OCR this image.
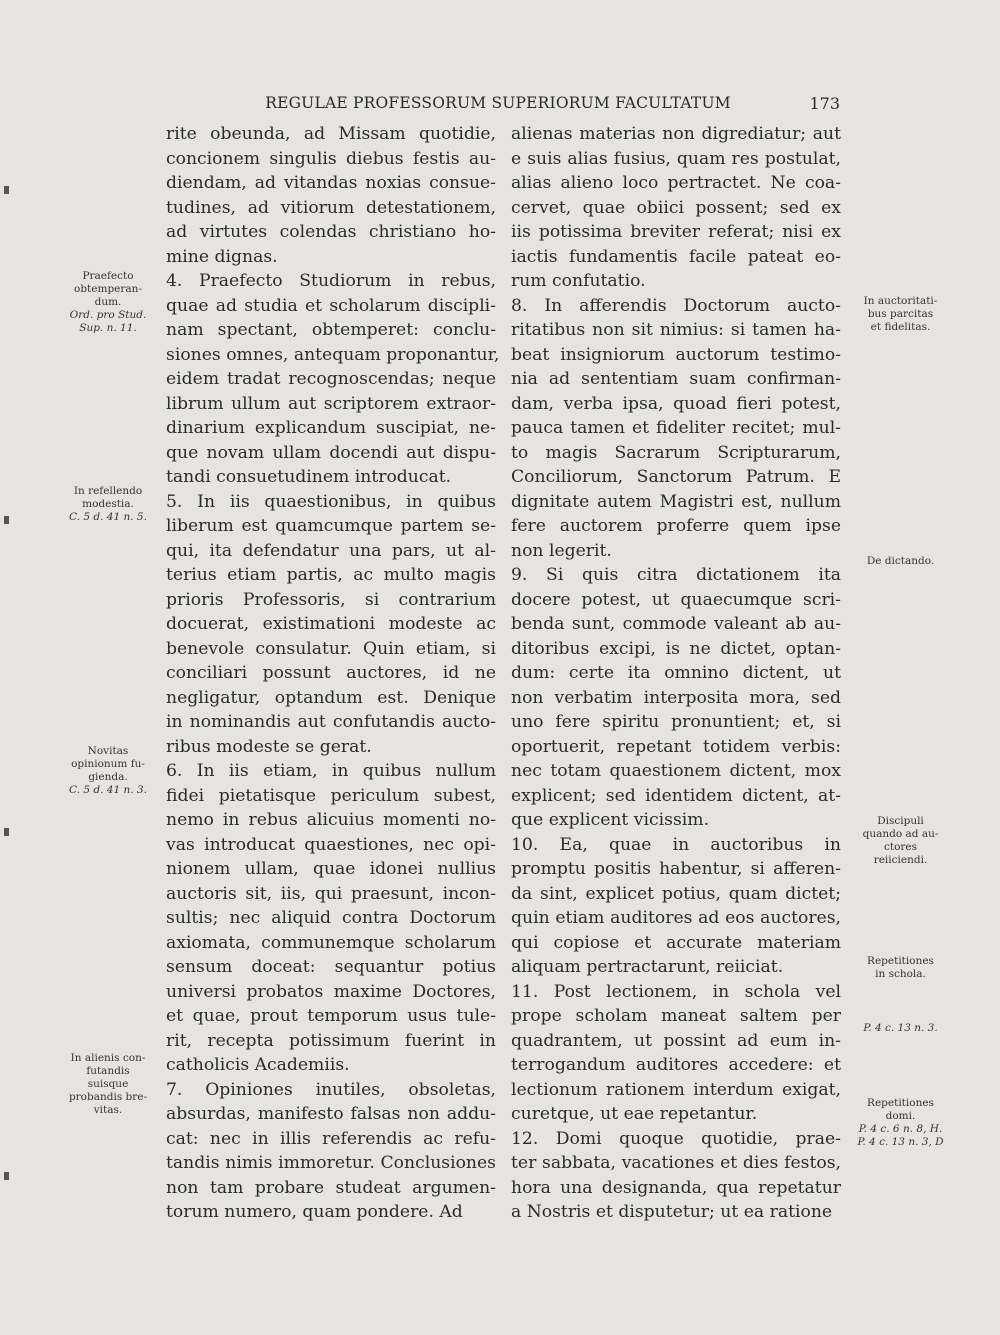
REGULAE PROFESSORUM SUPERIORUM FACULTATUM	173
rite obeunda, ad Missam quotidie,
concionem singulis diebus festis au-
diendam, ad vitandas noxias consue-
tudines, ad vitiorum detestationem,
ad virtutes colendas christiano ho-
mine dignas.
4. Praefecto Studiorum in rebus,
quae ad studia et scholarum discipli-
nam spectant, obtemperet: conclu-
siones omnes, antequam proponantur,
eidem tradat recognoscendas; neque
librum ullum aut scriptorem extraor-
dinarium explicandum suscipiat, ne-
que novam ullam docendi aut dispu-
tandi consuetudinem introducat.
5. In iis quaestionibus, in quibus
liberum est quamcumque partem se-
qui, ita defendatur una pars, ut al-
terius etiam partis, ac multo magis
prioris Professoris, si contrarium
docuerat, existimationi modeste ac
benevole consulatur. Quin etiam, si
conciliari possunt auctores, id ne
negligatur, optandum est. Denique
in nominandis aut confutandis aucto-
ribus modeste se gerat.
6. In iis etiam, in quibus nullum
fidei pietatisque periculum subest,
nemo in rebus alicuius momenti no-
vas introducat quaestiones, nec opi-
nionem ullam, quae idonei nullius
auctoris sit, iis, qui praesunt, incon-
sultis; nec aliquid contra Doctorum
axiomata, communemque scholarum
sensum doceat: sequantur potius
universi probatos maxime Doctores,
et quae, prout temporum usus tule-
rit, recepta potissimum fuerint in
catholicis Academiis.
7. Opiniones inutiles, obsoletas,
absurdas, manifesto falsas non addu-
cat: nec in illis referendis ac refu-
tandis nimis immoretur. Conclusiones
non tam probare studeat argumen-
torum numero, quam pondere. Ad
alienas materias non digrediatur; aut
e suis alias fusius, quam res postulat,
alias alieno loco pertractet. Ne coa-
cervet, quae obiici possent; sed ex
iis potissima breviter referat; nisi ex
iactis fundamentis facile pateat eo-
rum confutatio.
8. In afferendis Doctorum aucto-
ritatibus non sit nimius: si tamen ha-
beat insigniorum auctorum testimo-
nia ad sententiam suam confirman-
dam, verba ipsa, quoad fieri potest,
pauca tamen et fideliter recitet; mul-
to magis Sacrarum Scripturarum,
Conciliorum, Sanctorum Patrum. E
dignitate autem Magistri est, nullum
fere auctorem proferre quem ipse
non legerit.
9. Si quis citra dictationem ita
docere potest, ut quaecumque scri-
benda sunt, commode valeant ab au-
ditoribus excipi, is ne dictet, optan-
dum: certe ita omnino dictent, ut
non verbatim interposita mora, sed
uno fere spiritu pronuntient; et, si
oportuerit, repetant totidem verbis:
nec totam quaestionem dictent, mox
explicent; sed identidem dictent, at-
que explicent vicissim.
10. Ea, quae in auctoribus in
promptu positis habentur, si afferen-
da sint, explicet potius, quam dictet;
quin etiam auditores ad eos auctores,
qui copiose et accurate materiam
aliquam pertractarunt, reiiciat.
11. Post lectionem, in schola vel
prope scholam maneat saltem per
quadrantem, ut possint ad eum in-
terrogandum auditores accedere: et
lectionum rationem interdum exigat,
curetque, ut eae repetantur.
12. Domi quoque quotidie, prae-
ter sabbata, vacationes et dies festos,
hora una designanda, qua repetatur
a Nostris et disputetur; ut ea ratione
Praefecto
obtemperan-
dum.
Ord. pro Stud.
Sup. n. 11.
In refellendo
modestia.
C. 5 d. 41 n. 5.
Novitas
opinionum fu-
gienda.
C. 5 d. 41 n. 3.
In alienis con-
futandis
suisque
probandis bre-
vitas.
In auctoritati-
bus parcitas
et fidelitas.
De dictando.
Discipuli
quando ad au-
ctores
reiiciendi.
Repetitiones
in schola.
P. 4 c. 13 n. 3.
Repetitiones
domi.
P. 4 c. 6 n. 8, H.
P. 4 c. 13 n. 3, D
